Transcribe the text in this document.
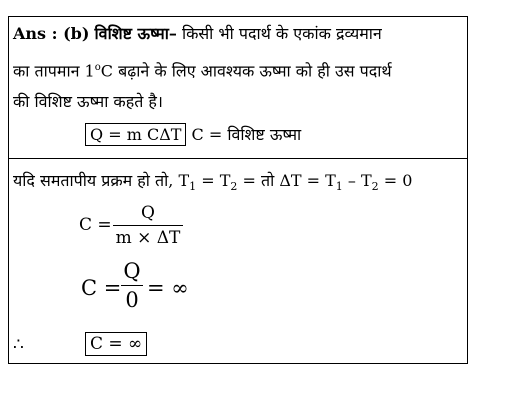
Ans : (b) विशिष्ट ऊष्मा– किसी भी पदार्थ के एकांक द्रव्यमान
का तापमान 1$^o$C बढ़ाने के लिए आवश्यक ऊष्मा को ही उस पदार्थ
की विशिष्ट ऊष्मा कहते है।
Q = m CΔT C = विशिष्ट ऊष्मा
यदि समतापीय प्रक्रम हो तो, $T_1 = T_2$ = तो $\Delta T = T_1 - T_2 = 0$
C =
Q
m × ΔT
C =
Q
0 = ∞
∴	C = ∞
